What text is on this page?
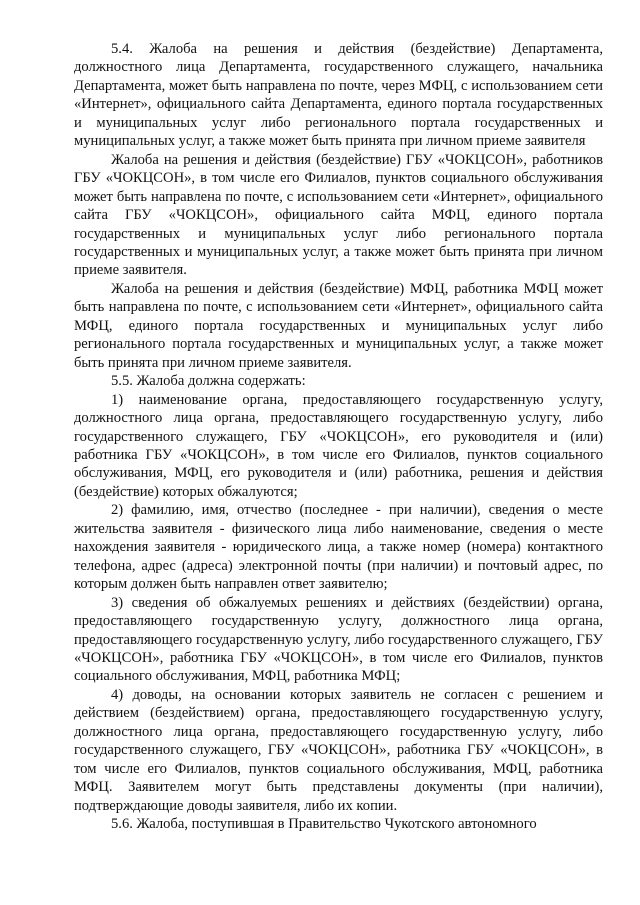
5.4. Жалоба на решения и действия (бездействие) Департамента, должностного лица Департамента, государственного служащего, начальника Департамента, может быть направлена по почте, через МФЦ, с использованием сети «Интернет», официального сайта Департамента, единого портала государственных и муниципальных услуг либо регионального портала государственных и муниципальных услуг, а также может быть принята при личном приеме заявителя

Жалоба на решения и действия (бездействие) ГБУ «ЧОКЦСОН», работников ГБУ «ЧОКЦСОН», в том числе его Филиалов, пунктов социального обслуживания может быть направлена по почте, с использованием сети «Интернет», официального сайта ГБУ «ЧОКЦСОН», официального сайта МФЦ, единого портала государственных и муниципальных услуг либо регионального портала государственных и муниципальных услуг, а также может быть принята при личном приеме заявителя.

Жалоба на решения и действия (бездействие) МФЦ, работника МФЦ может быть направлена по почте, с использованием сети «Интернет», официального сайта МФЦ, единого портала государственных и муниципальных услуг либо регионального портала государственных и муниципальных услуг, а также может быть принята при личном приеме заявителя.

5.5. Жалоба должна содержать:

1) наименование органа, предоставляющего государственную услугу, должностного лица органа, предоставляющего государственную услугу, либо государственного служащего, ГБУ «ЧОКЦСОН», его руководителя и (или) работника ГБУ «ЧОКЦСОН», в том числе его Филиалов, пунктов социального обслуживания, МФЦ, его руководителя и (или) работника, решения и действия (бездействие) которых обжалуются;

2) фамилию, имя, отчество (последнее - при наличии), сведения о месте жительства заявителя - физического лица либо наименование, сведения о месте нахождения заявителя - юридического лица, а также номер (номера) контактного телефона, адрес (адреса) электронной почты (при наличии) и почтовый адрес, по которым должен быть направлен ответ заявителю;

3) сведения об обжалуемых решениях и действиях (бездействии) органа, предоставляющего государственную услугу, должностного лица органа, предоставляющего государственную услугу, либо государственного служащего, ГБУ «ЧОКЦСОН», работника ГБУ «ЧОКЦСОН», в том числе его Филиалов, пунктов социального обслуживания, МФЦ, работника МФЦ;

4) доводы, на основании которых заявитель не согласен с решением и действием (бездействием) органа, предоставляющего государственную услугу, должностного лица органа, предоставляющего государственную услугу, либо государственного служащего, ГБУ «ЧОКЦСОН», работника ГБУ «ЧОКЦСОН», в том числе его Филиалов, пунктов социального обслуживания, МФЦ, работника МФЦ. Заявителем могут быть представлены документы (при наличии), подтверждающие доводы заявителя, либо их копии.

5.6. Жалоба, поступившая в Правительство Чукотского автономного
